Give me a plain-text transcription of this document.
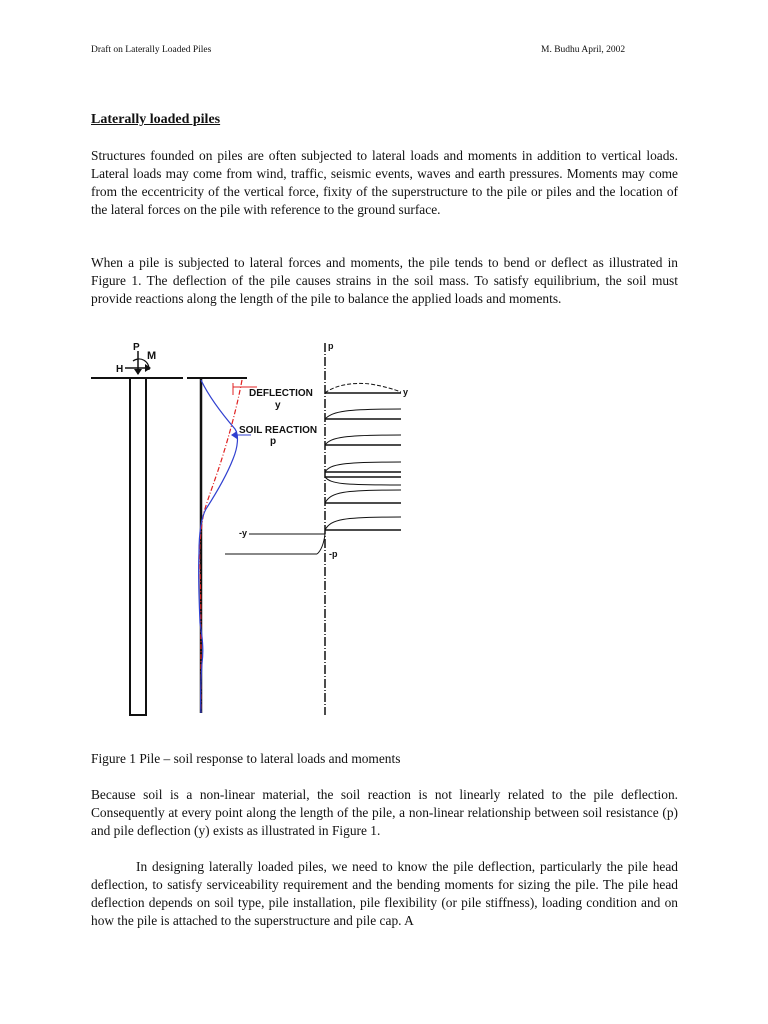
Draft on Laterally Loaded Piles	M. Budhu April, 2002
Laterally loaded piles

Structures founded on piles are often subjected to lateral loads and moments in addition to vertical loads. Lateral loads may come from wind, traffic, seismic events, waves and earth pressures. Moments may come from the eccentricity of the vertical force, fixity of the superstructure to the pile or piles and the location of the lateral forces on the pile with reference to the ground surface.

When a pile is subjected to lateral forces and moments, the pile tends to bend or deflect as illustrated in Figure 1. The deflection of the pile causes strains in the soil mass. To satisfy equilibrium, the soil must provide reactions along the length of the pile to balance the applied loads and moments.

P
M
H
DEFLECTION
y
SOIL REACTION
p
p
y
-y
-p

Figure 1 Pile – soil response to lateral loads and moments

Because soil is a non-linear material, the soil reaction is not linearly related to the pile deflection. Consequently at every point along the length of the pile, a non-linear relationship between soil resistance (p) and pile deflection (y) exists as illustrated in Figure 1.

In designing laterally loaded piles, we need to know the pile deflection, particularly the pile head deflection, to satisfy serviceability requirement and the bending moments for sizing the pile. The pile head deflection depends on soil type, pile installation, pile flexibility (or pile stiffness), loading condition and on how the pile is attached to the superstructure and pile cap. A
